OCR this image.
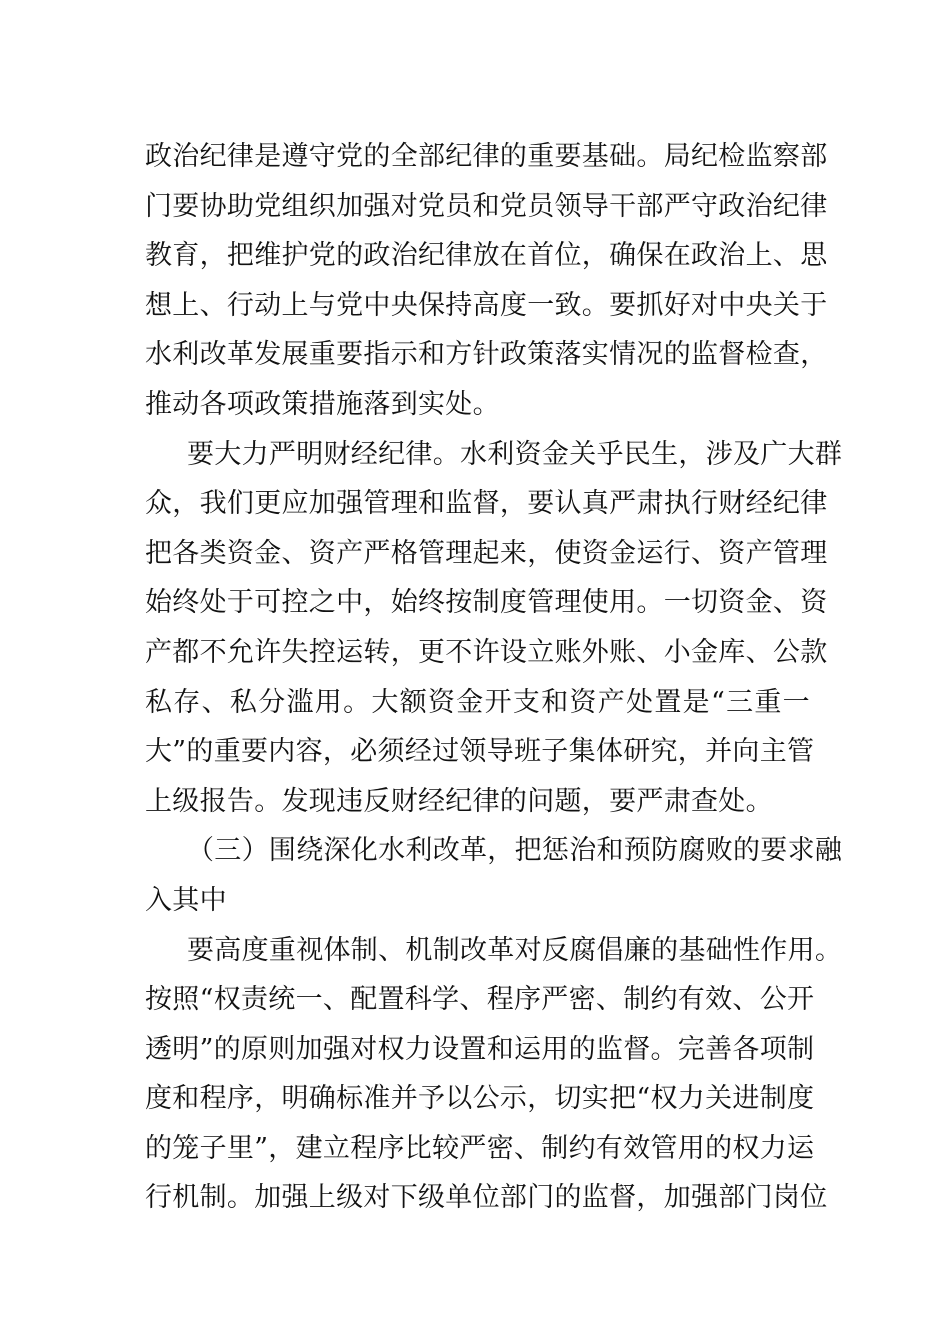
政治纪律是遵守党的全部纪律的重要基础。局纪检监察部
门要协助党组织加强对党员和党员领导干部严守政治纪律
教育，把维护党的政治纪律放在首位，确保在政治上、思
想上、行动上与党中央保持高度一致。要抓好对中央关于
水利改革发展重要指示和方针政策落实情况的监督检查，
推动各项政策措施落到实处。
要大力严明财经纪律。水利资金关乎民生，涉及广大群
众，我们更应加强管理和监督，要认真严肃执行财经纪律
把各类资金、资产严格管理起来，使资金运行、资产管理
始终处于可控之中，始终按制度管理使用。一切资金、资
产都不允许失控运转，更不许设立账外账、小金库、公款
私存、私分滥用。大额资金开支和资产处置是“三重一
大”的重要内容，必须经过领导班子集体研究，并向主管
上级报告。发现违反财经纪律的问题，要严肃查处。
（三）围绕深化水利改革，把惩治和预防腐败的要求融
入其中
要高度重视体制、机制改革对反腐倡廉的基础性作用。
按照“权责统一、配置科学、程序严密、制约有效、公开
透明”的原则加强对权力设置和运用的监督。完善各项制
度和程序，明确标准并予以公示，切实把“权力关进制度
的笼子里”，建立程序比较严密、制约有效管用的权力运
行机制。加强上级对下级单位部门的监督，加强部门岗位
